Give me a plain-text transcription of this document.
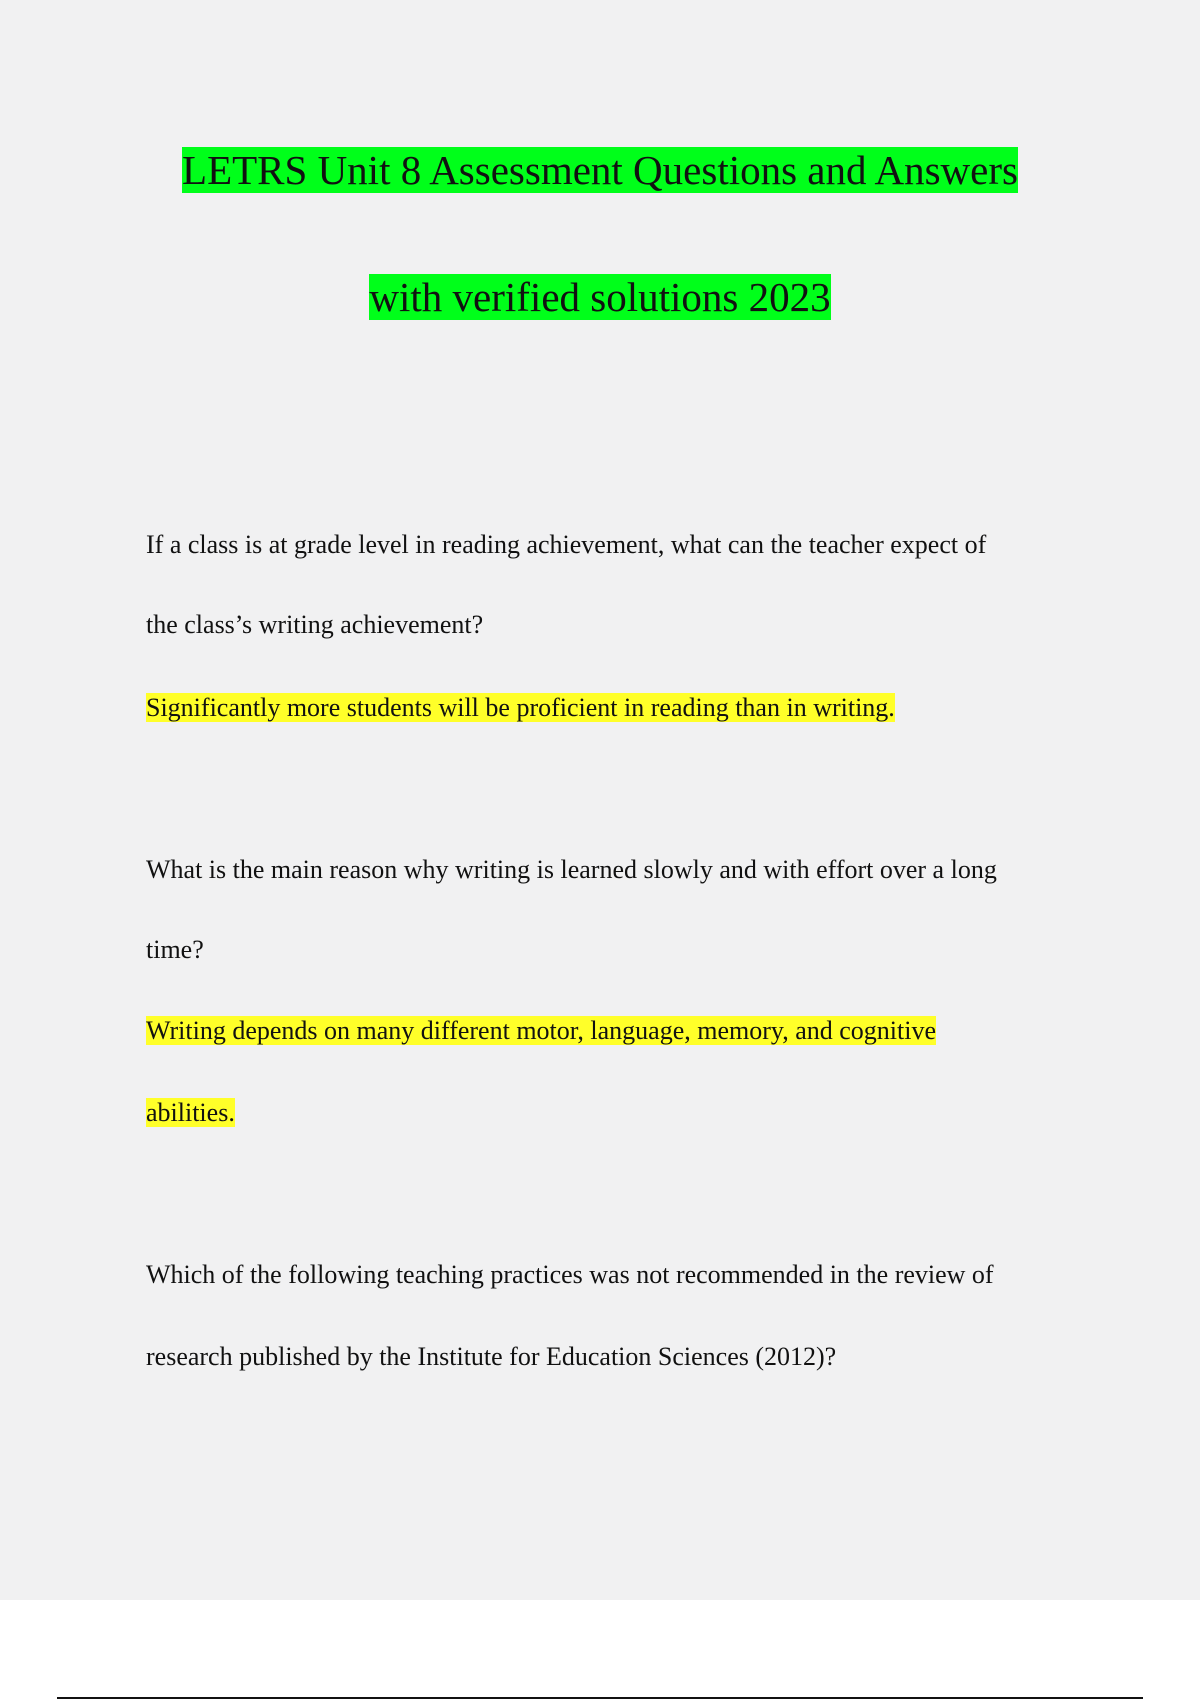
LETRS Unit 8 Assessment Questions and Answers
with verified solutions 2023
If a class is at grade level in reading achievement, what can the teacher expect of
the class’s writing achievement?
Significantly more students will be proficient in reading than in writing.
What is the main reason why writing is learned slowly and with effort over a long
time?
Writing depends on many different motor, language, memory, and cognitive
abilities.
Which of the following teaching practices was not recommended in the review of
research published by the Institute for Education Sciences (2012)?
